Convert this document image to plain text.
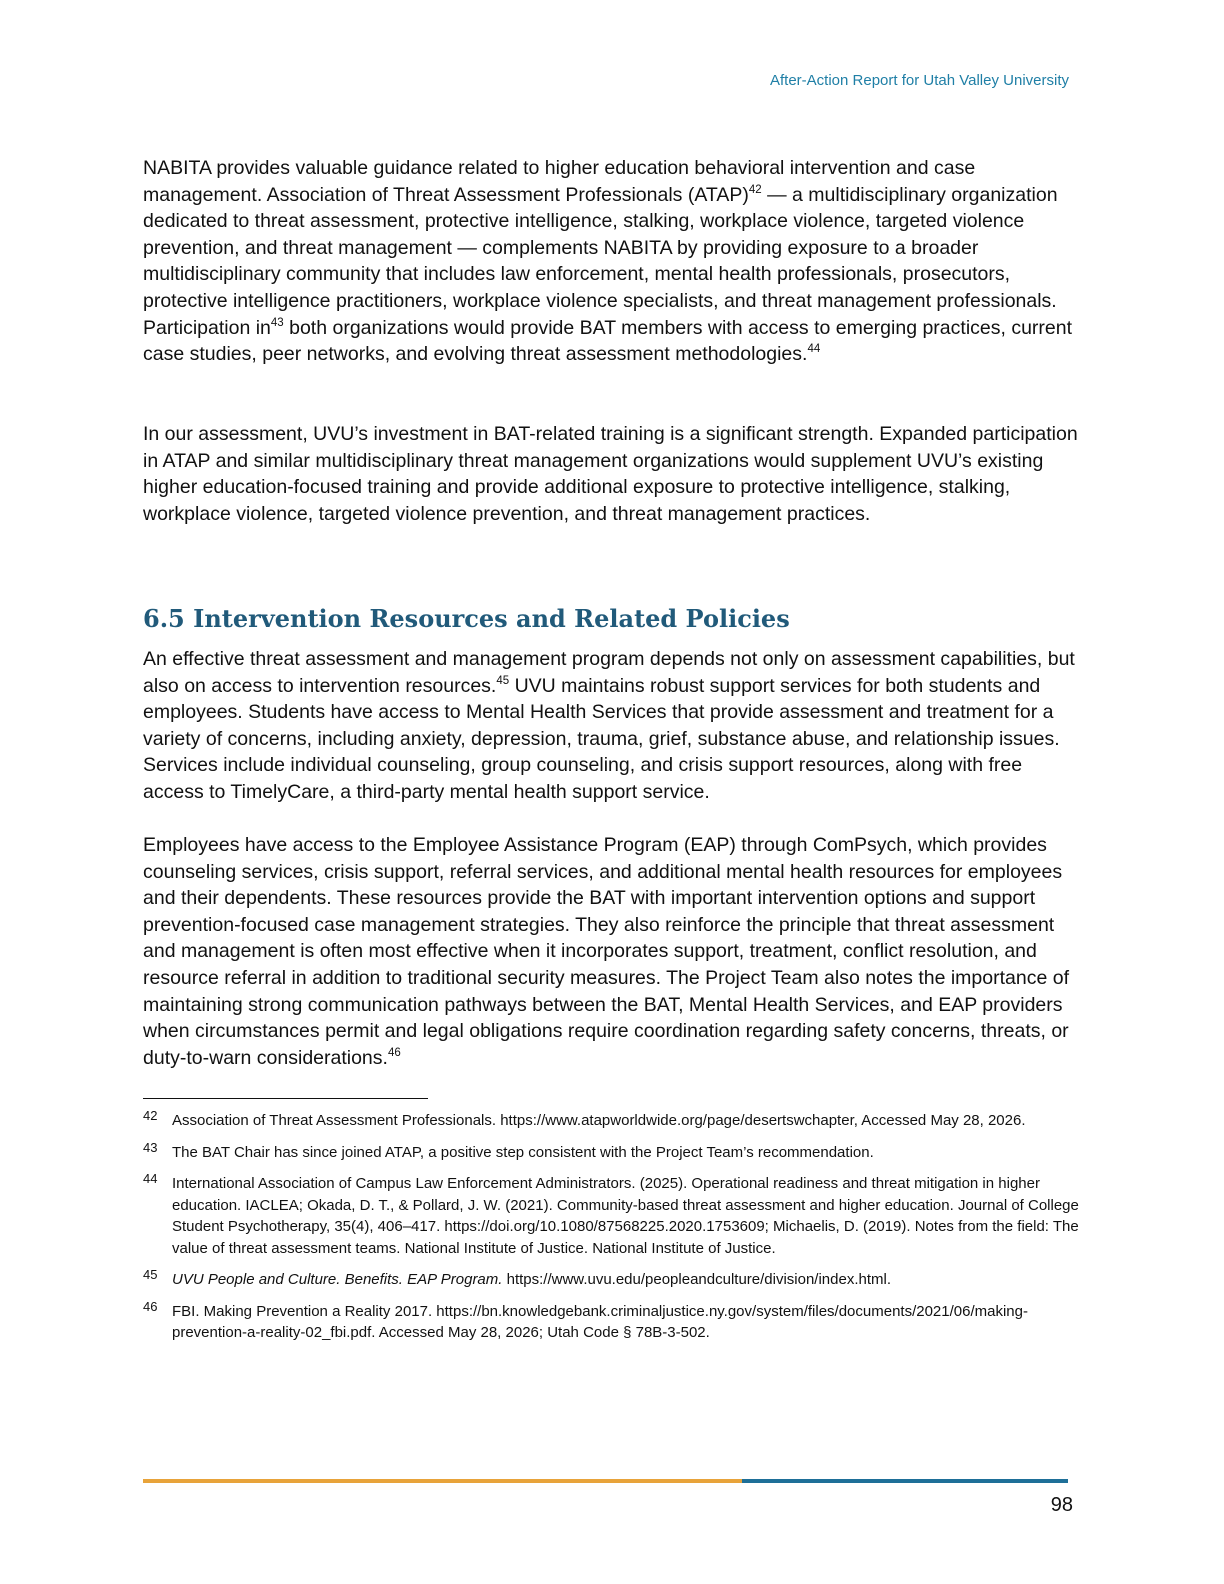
After-Action Report for Utah Valley University

NABITA provides valuable guidance related to higher education behavioral intervention and case management. Association of Threat Assessment Professionals (ATAP)$^{42}$ — a multidisciplinary organization dedicated to threat assessment, protective intelligence, stalking, workplace violence, targeted violence prevention, and threat management — complements NABITA by providing exposure to a broader multidisciplinary community that includes law enforcement, mental health professionals, prosecutors, protective intelligence practitioners, workplace violence specialists, and threat management professionals. Participation $in^{43}$ both organizations would provide BAT members with access to emerging practices, current case studies, peer networks, and evolving threat assessment methodologies.$^{44}$

In our assessment, UVU’s investment in BAT-related training is a significant strength. Expanded participation in ATAP and similar multidisciplinary threat management organizations would supplement UVU’s existing higher education-focused training and provide additional exposure to protective intelligence, stalking, workplace violence, targeted violence prevention, and threat management practices.

6.5 Intervention Resources and Related Policies

An effective threat assessment and management program depends not only on assessment capabilities, but also on access to intervention resources.$^{45}$ UVU maintains robust support services for both students and employees. Students have access to Mental Health Services that provide assessment and treatment for a variety of concerns, including anxiety, depression, trauma, grief, substance abuse, and relationship issues. Services include individual counseling, group counseling, and crisis support resources, along with free access to TimelyCare, a third-party mental health support service.

Employees have access to the Employee Assistance Program (EAP) through ComPsych, which provides counseling services, crisis support, referral services, and additional mental health resources for employees and their dependents. These resources provide the BAT with important intervention options and support prevention-focused case management strategies. They also reinforce the principle that threat assessment and management is often most effective when it incorporates support, treatment, conflict resolution, and resource referral in addition to traditional security measures. The Project Team also notes the importance of maintaining strong communication pathways between the BAT, Mental Health Services, and EAP providers when circumstances permit and legal obligations require coordination regarding safety concerns, threats, or duty-to-warn considerations.$^{46}$

42 Association of Threat Assessment Professionals. https://www.atapworldwide.org/page/desertswchapter, Accessed May 28, 2026.
43 The BAT Chair has since joined ATAP, a positive step consistent with the Project Team’s recommendation.
44 International Association of Campus Law Enforcement Administrators. (2025). Operational readiness and threat mitigation in higher education. IACLEA; Okada, D. T., & Pollard, J. W. (2021). Community-based threat assessment and higher education. Journal of College Student Psychotherapy, 35(4), 406–417. https://doi.org/10.1080/87568225.2020.1753609; Michaelis, D. (2019). Notes from the field: The value of threat assessment teams. National Institute of Justice. National Institute of Justice.
45 UVU People and Culture. Benefits. EAP Program. https://www.uvu.edu/peopleandculture/division/index.html.
46 FBI. Making Prevention a Reality 2017. https://bn.knowledgebank.criminaljustice.ny.gov/system/files/documents/2021/06/making-prevention-a-reality-02_fbi.pdf. Accessed May 28, 2026; Utah Code § 78B-3-502.
98
